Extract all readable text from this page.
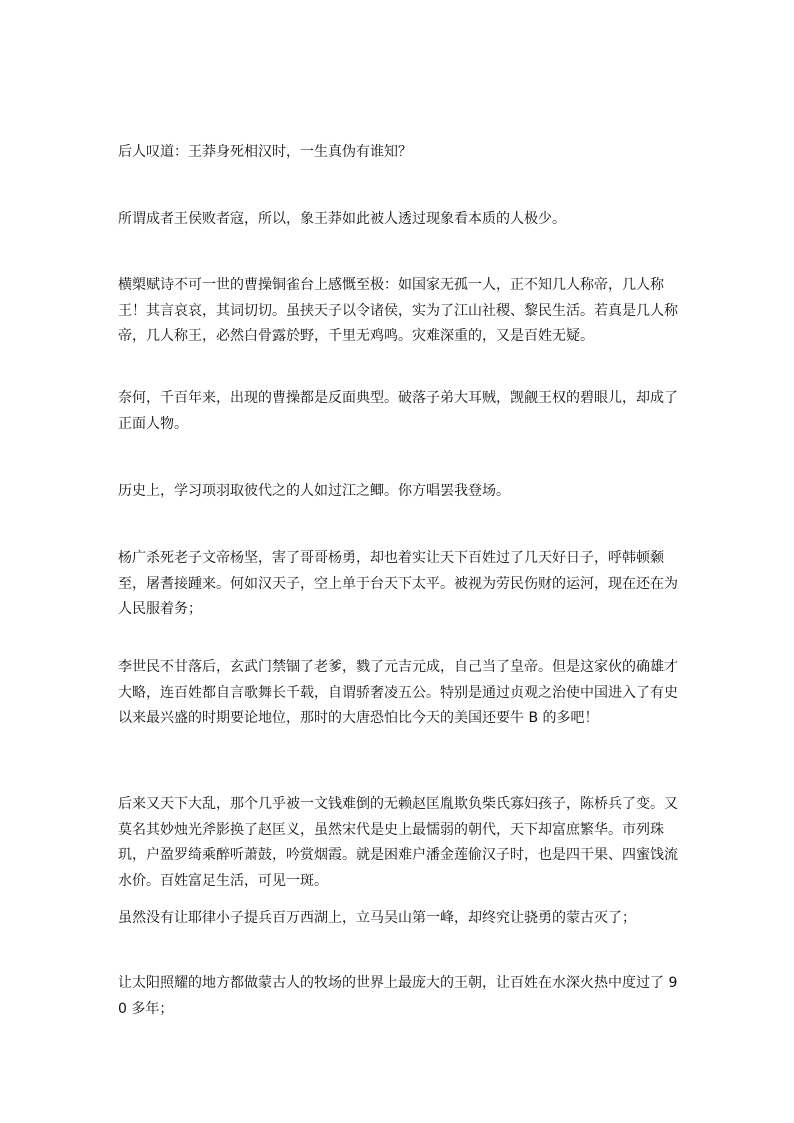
后人叹道：王莽身死相汉时，一生真伪有谁知？

所谓成者王侯败者寇，所以，象王莽如此被人透过现象看本质的人极少。

横槊赋诗不可一世的曹操铜雀台上感慨至极：如国家无孤一人，正不知几人称帝，几人称王！其言哀哀，其词切切。虽挟天子以令诸侯，实为了江山社稷、黎民生活。若真是几人称帝，几人称王，必然白骨露於野，千里无鸡鸣。灾难深重的，又是百姓无疑。

奈何，千百年来，出现的曹操都是反面典型。破落子弟大耳贼，觊觎王权的碧眼儿，却成了正面人物。

历史上，学习项羽取彼代之的人如过江之鲫。你方唱罢我登场。

杨广杀死老子文帝杨坚，害了哥哥杨勇，却也着实让天下百姓过了几天好日子，呼韩顿颡至，屠耆接踵来。何如汉天子，空上单于台天下太平。被视为劳民伤财的运河，现在还在为人民服着务；

李世民不甘落后，玄武门禁锢了老爹，戮了元吉元成，自己当了皇帝。但是这家伙的确雄才大略，连百姓都自言歌舞长千载，自谓骄奢凌五公。特别是通过贞观之治使中国进入了有史以来最兴盛的时期要论地位，那时的大唐恐怕比今天的美国还要牛 B 的多吧！

后来又天下大乱，那个几乎被一文钱难倒的无赖赵匡胤欺负柴氏寡妇孩子，陈桥兵了变。又莫名其妙烛光斧影换了赵匡义，虽然宋代是史上最懦弱的朝代，天下却富庶繁华。市列珠玑，户盈罗绮乘醉听萧鼓，吟赏烟霞。就是困难户潘金莲偷汉子时，也是四干果、四蜜饯流水价。百姓富足生活，可见一斑。

虽然没有让耶律小子提兵百万西湖上，立马吴山第一峰，却终究让骁勇的蒙古灭了；

让太阳照耀的地方都做蒙古人的牧场的世界上最庞大的王朝，让百姓在水深火热中度过了 90 多年；
